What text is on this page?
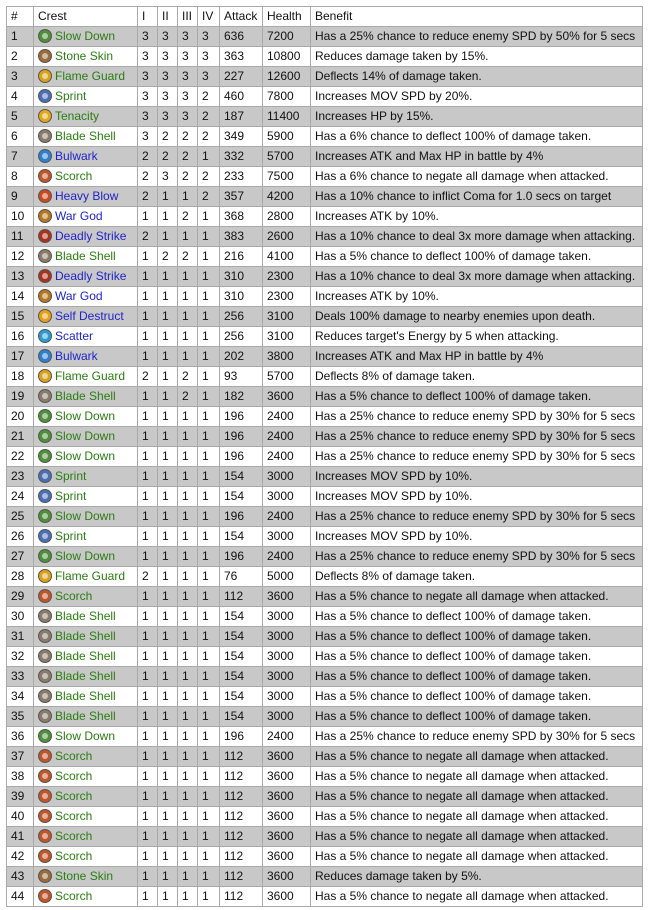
#	Crest	I	II	III	IV	Attack	Health	Benefit
1	Slow Down	3	3	3	3	636	7200	Has a 25% chance to reduce enemy SPD by 50% for 5 secs
2	Stone Skin	3	3	3	3	363	10800	Reduces damage taken by 15%.
3	Flame Guard	3	3	3	3	227	12600	Deflects 14% of damage taken.
4	Sprint	3	3	3	2	460	7800	Increases MOV SPD by 20%.
5	Tenacity	3	3	3	2	187	11400	Increases HP by 15%.
6	Blade Shell	3	2	2	2	349	5900	Has a 6% chance to deflect 100% of damage taken.
7	Bulwark	2	2	2	1	332	5700	Increases ATK and Max HP in battle by 4%
8	Scorch	2	3	2	2	233	7500	Has a 6% chance to negate all damage when attacked.
9	Heavy Blow	2	1	1	2	357	4200	Has a 10% chance to inflict Coma for 1.0 secs on target
10	War God	1	1	2	1	368	2800	Increases ATK by 10%.
11	Deadly Strike	2	1	1	1	383	2600	Has a 10% chance to deal 3x more damage when attacking.
12	Blade Shell	1	2	2	1	216	4100	Has a 5% chance to deflect 100% of damage taken.
13	Deadly Strike	1	1	1	1	310	2300	Has a 10% chance to deal 3x more damage when attacking.
14	War God	1	1	1	1	310	2300	Increases ATK by 10%.
15	Self Destruct	1	1	1	1	256	3100	Deals 100% damage to nearby enemies upon death.
16	Scatter	1	1	1	1	256	3100	Reduces target's Energy by 5 when attacking.
17	Bulwark	1	1	1	1	202	3800	Increases ATK and Max HP in battle by 4%
18	Flame Guard	2	1	2	1	93	5700	Deflects 8% of damage taken.
19	Blade Shell	1	1	2	1	182	3600	Has a 5% chance to deflect 100% of damage taken.
20	Slow Down	1	1	1	1	196	2400	Has a 25% chance to reduce enemy SPD by 30% for 5 secs
21	Slow Down	1	1	1	1	196	2400	Has a 25% chance to reduce enemy SPD by 30% for 5 secs
22	Slow Down	1	1	1	1	196	2400	Has a 25% chance to reduce enemy SPD by 30% for 5 secs
23	Sprint	1	1	1	1	154	3000	Increases MOV SPD by 10%.
24	Sprint	1	1	1	1	154	3000	Increases MOV SPD by 10%.
25	Slow Down	1	1	1	1	196	2400	Has a 25% chance to reduce enemy SPD by 30% for 5 secs
26	Sprint	1	1	1	1	154	3000	Increases MOV SPD by 10%.
27	Slow Down	1	1	1	1	196	2400	Has a 25% chance to reduce enemy SPD by 30% for 5 secs
28	Flame Guard	2	1	1	1	76	5000	Deflects 8% of damage taken.
29	Scorch	1	1	1	1	112	3600	Has a 5% chance to negate all damage when attacked.
30	Blade Shell	1	1	1	1	154	3000	Has a 5% chance to deflect 100% of damage taken.
31	Blade Shell	1	1	1	1	154	3000	Has a 5% chance to deflect 100% of damage taken.
32	Blade Shell	1	1	1	1	154	3000	Has a 5% chance to deflect 100% of damage taken.
33	Blade Shell	1	1	1	1	154	3000	Has a 5% chance to deflect 100% of damage taken.
34	Blade Shell	1	1	1	1	154	3000	Has a 5% chance to deflect 100% of damage taken.
35	Blade Shell	1	1	1	1	154	3000	Has a 5% chance to deflect 100% of damage taken.
36	Slow Down	1	1	1	1	196	2400	Has a 25% chance to reduce enemy SPD by 30% for 5 secs
37	Scorch	1	1	1	1	112	3600	Has a 5% chance to negate all damage when attacked.
38	Scorch	1	1	1	1	112	3600	Has a 5% chance to negate all damage when attacked.
39	Scorch	1	1	1	1	112	3600	Has a 5% chance to negate all damage when attacked.
40	Scorch	1	1	1	1	112	3600	Has a 5% chance to negate all damage when attacked.
41	Scorch	1	1	1	1	112	3600	Has a 5% chance to negate all damage when attacked.
42	Scorch	1	1	1	1	112	3600	Has a 5% chance to negate all damage when attacked.
43	Stone Skin	1	1	1	1	112	3600	Reduces damage taken by 5%.
44	Scorch	1	1	1	1	112	3600	Has a 5% chance to negate all damage when attacked.
